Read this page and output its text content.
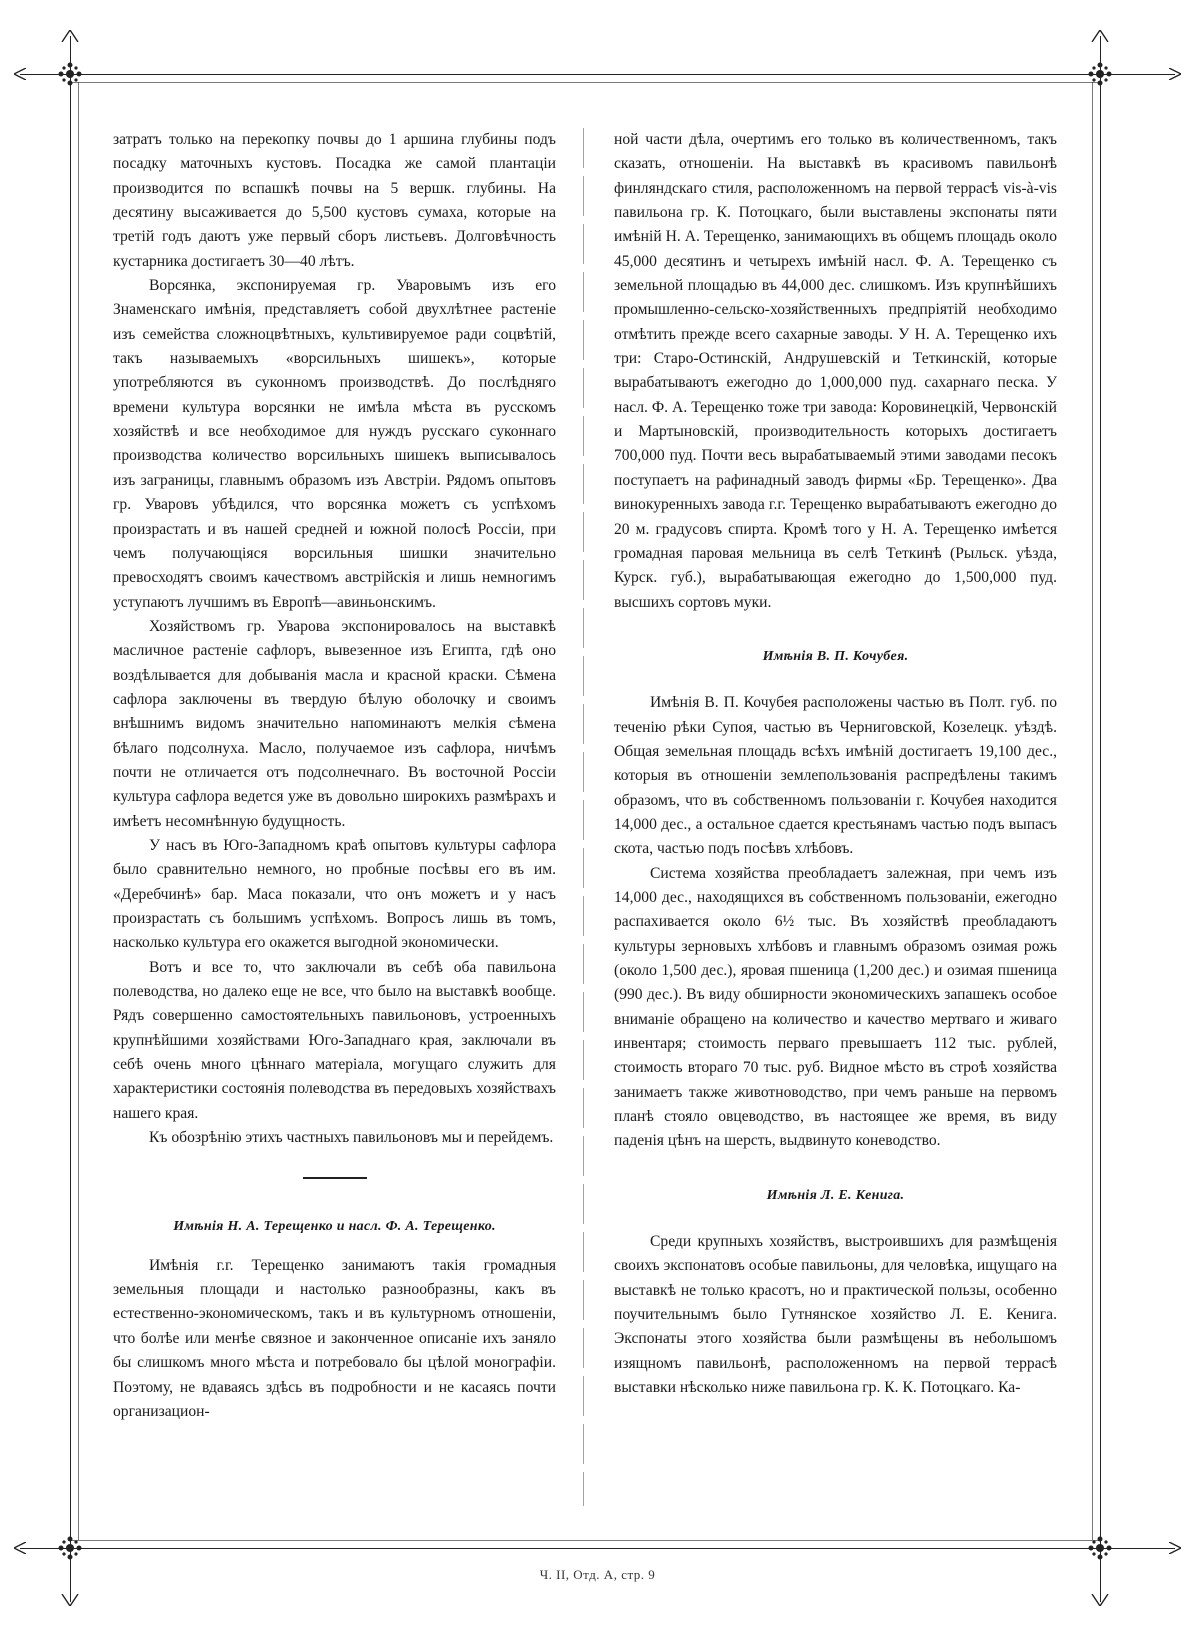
затратъ только на перекопку почвы до 1 аршина глубины подъ посадку маточныхъ кустовъ. Посадка же самой плантаціи производится по вспашкѣ почвы на 5 вершк. глубины. На десятину высаживается до 5,500 кустовъ сумаха, которые на третій годъ даютъ уже первый сборъ листьевъ. Долговѣчность кустарника достигаетъ 30—40 лѣтъ.

Ворсянка, экспонируемая гр. Уваровымъ изъ его Знаменскаго имѣнія, представляетъ собой двухлѣтнее растеніе изъ семейства сложноцвѣтныхъ, культивируемое ради соцвѣтій, такъ называемыхъ «ворсильныхъ шишекъ», которые употребляются въ суконномъ производствѣ. До послѣдняго времени культура ворсянки не имѣла мѣста въ русскомъ хозяйствѣ и все необходимое для нуждъ русскаго суконнаго производства количество ворсильныхъ шишекъ выписывалось изъ заграницы, главнымъ образомъ изъ Австріи. Рядомъ опытовъ гр. Уваровъ убѣдился, что ворсянка можетъ съ успѣхомъ произрастать и въ нашей средней и южной полосѣ Россіи, при чемъ получающіяся ворсильныя шишки значительно превосходятъ своимъ качествомъ австрійскія и лишь немногимъ уступаютъ лучшимъ въ Европѣ—авиньонскимъ.

Хозяйствомъ гр. Уварова экспонировалось на выставкѣ масличное растеніе сафлоръ, вывезенное изъ Египта, гдѣ оно воздѣлывается для добыванія масла и красной краски. Сѣмена сафлора заключены въ твердую бѣлую оболочку и своимъ внѣшнимъ видомъ значительно напоминаютъ мелкія сѣмена бѣлаго подсолнуха. Масло, получаемое изъ сафлора, ничѣмъ почти не отличается отъ подсолнечнаго. Въ восточной Россіи культура сафлора ведется уже въ довольно широкихъ размѣрахъ и имѣетъ несомнѣнную будущность.

У насъ въ Юго-Западномъ краѣ опытовъ культуры сафлора было сравнительно немного, но пробные посѣвы его въ им. «Деребчинѣ» бар. Маса показали, что онъ можетъ и у насъ произрастать съ большимъ успѣхомъ. Вопросъ лишь въ томъ, насколько культура его окажется выгодной экономически.

Вотъ и все то, что заключали въ себѣ оба павильона полеводства, но далеко еще не все, что было на выставкѣ вообще. Рядъ совершенно самостоятельныхъ павильоновъ, устроенныхъ крупнѣйшими хозяйствами Юго-Западнаго края, заключали въ себѣ очень много цѣннаго матеріала, могущаго служить для характеристики состоянія полеводства въ передовыхъ хозяйствахъ нашего края.

Къ обозрѣнію этихъ частныхъ павильоновъ мы и перейдемъ.

Имѣнія Н. А. Терещенко и насл. Ф. А. Терещенко.

Имѣнія г.г. Терещенко занимаютъ такія громадныя земельныя площади и настолько разнообразны, какъ въ естественно-экономическомъ, такъ и въ культурномъ отношеніи, что болѣе или менѣе связное и законченное описаніе ихъ заняло бы слишкомъ много мѣста и потребовало бы цѣлой монографіи. Поэтому, не вдаваясь здѣсь въ подробности и не касаясь почти организацион-

ной части дѣла, очертимъ его только въ количественномъ, такъ сказать, отношеніи. На выставкѣ въ красивомъ павильонѣ финляндскаго стиля, расположенномъ на первой террасѣ vis-à-vis павильона гр. К. Потоцкаго, были выставлены экспонаты пяти имѣній Н. А. Терещенко, занимающихъ въ общемъ площадь около 45,000 десятинъ и четырехъ имѣній насл. Ф. А. Терещенко съ земельной площадью въ 44,000 дес. слишкомъ. Изъ крупнѣйшихъ промышленно-сельско-хозяйственныхъ предпріятій необходимо отмѣтить прежде всего сахарные заводы. У Н. А. Терещенко ихъ три: Старо-Остинскій, Андрушевскій и Теткинскій, которые вырабатываютъ ежегодно до 1,000,000 пуд. сахарнаго песка. У насл. Ф. А. Терещенко тоже три завода: Коровинецкій, Червонскій и Мартыновскій, производительность которыхъ достигаетъ 700,000 пуд. Почти весь вырабатываемый этими заводами песокъ поступаетъ на рафинадный заводъ фирмы «Бр. Терещенко». Два винокуренныхъ завода г.г. Терещенко вырабатываютъ ежегодно до 20 м. градусовъ спирта. Кромѣ того у Н. А. Терещенко имѣется громадная паровая мельница въ селѣ Теткинѣ (Рыльск. уѣзда, Курск. губ.), вырабатывающая ежегодно до 1,500,000 пуд. высшихъ сортовъ муки.

Имѣнія В. П. Кочубея.

Имѣнія В. П. Кочубея расположены частью въ Полт. губ. по теченію рѣки Супоя, частью въ Черниговской, Козелецк. уѣздѣ. Общая земельная площадь всѣхъ имѣній достигаетъ 19,100 дес., которыя въ отношеніи землепользованія распредѣлены такимъ образомъ, что въ собственномъ пользованіи г. Кочубея находится 14,000 дес., а остальное сдается крестьянамъ частью подъ выпасъ скота, частью подъ посѣвъ хлѣбовъ.

Система хозяйства преобладаетъ залежная, при чемъ изъ 14,000 дес., находящихся въ собственномъ пользованіи, ежегодно распахивается около 6½ тыс. Въ хозяйствѣ преобладаютъ культуры зерновыхъ хлѣбовъ и главнымъ образомъ озимая рожь (около 1,500 дес.), яровая пшеница (1,200 дес.) и озимая пшеница (990 дес.). Въ виду обширности экономическихъ запашекъ особое вниманіе обращено на количество и качество мертваго и живаго инвентаря; стоимость перваго превышаетъ 112 тыс. рублей, стоимость втораго 70 тыс. руб. Видное мѣсто въ строѣ хозяйства занимаетъ также животноводство, при чемъ раньше на первомъ планѣ стояло овцеводство, въ настоящее же время, въ виду паденія цѣнъ на шерсть, выдвинуто коневодство.

Имѣнія Л. Е. Кенига.

Среди крупныхъ хозяйствъ, выстроившихъ для размѣщенія своихъ экспонатовъ особые павильоны, для человѣка, ищущаго на выставкѣ не только красотъ, но и практической пользы, особенно поучительнымъ было Гутнянское хозяйство Л. Е. Кенига. Экспонаты этого хозяйства были размѣщены въ небольшомъ изящномъ павильонѣ, расположенномъ на первой террасѣ выставки нѣсколько ниже павильона гр. К. К. Потоцкаго. Ка-

Ч. II, Отд. А, стр. 9
